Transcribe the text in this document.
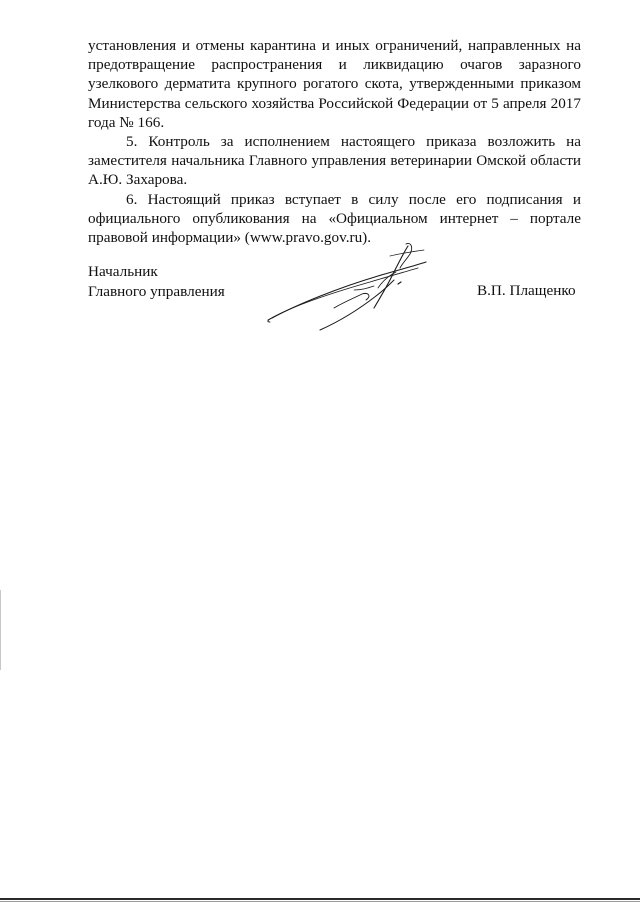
установления и отмены карантина и иных ограничений, направленных на предотвращение распространения и ликвидацию очагов заразного узелкового дерматита крупного рогатого скота, утвержденными приказом Министерства сельского хозяйства Российской Федерации от 5 апреля 2017 года № 166.

5. Контроль за исполнением настоящего приказа возложить на заместителя начальника Главного управления ветеринарии Омской области А.Ю. Захарова.

6. Настоящий приказ вступает в силу после его подписания и официального опубликования на «Официальном интернет – портале правовой информации» (www.pravo.gov.ru).

Начальник
Главного управления	В.П. Плащенко
